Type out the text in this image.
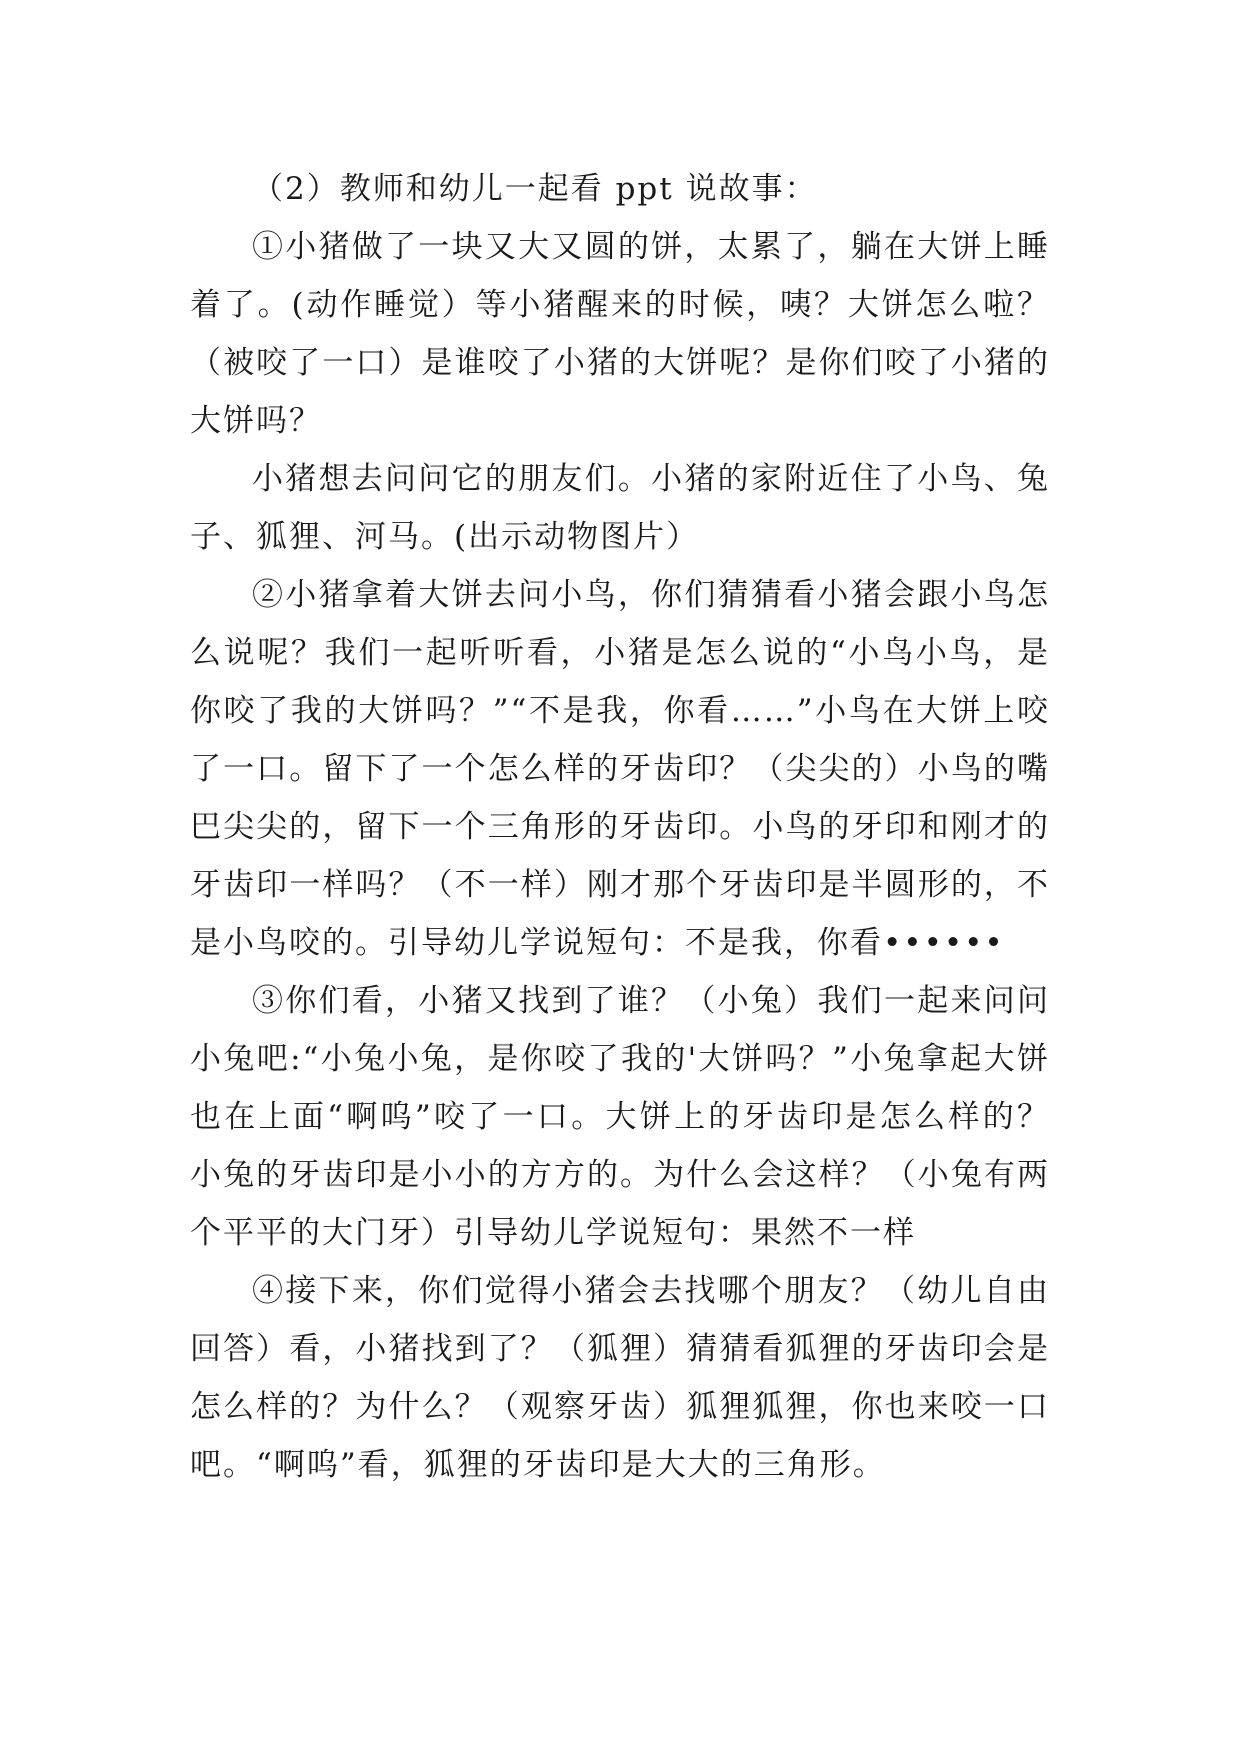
（2）教师和幼儿一起看 ppt 说故事：

①小猪做了一块又大又圆的饼，太累了，躺在大饼上睡着了。(动作睡觉）等小猪醒来的时候，咦？大饼怎么啦？（被咬了一口）是谁咬了小猪的大饼呢？是你们咬了小猪的大饼吗？

小猪想去问问它的朋友们。小猪的家附近住了小鸟、兔子、狐狸、河马。(出示动物图片）

②小猪拿着大饼去问小鸟，你们猜猜看小猪会跟小鸟怎么说呢？我们一起听听看，小猪是怎么说的“小鸟小鸟，是你咬了我的大饼吗？”“不是我，你看……”小鸟在大饼上咬了一口。留下了一个怎么样的牙齿印？（尖尖的）小鸟的嘴巴尖尖的，留下一个三角形的牙齿印。小鸟的牙印和刚才的牙齿印一样吗？（不一样）刚才那个牙齿印是半圆形的，不是小鸟咬的。引导幼儿学说短句：不是我，你看••••••

③你们看，小猪又找到了谁？（小兔）我们一起来问问小兔吧:“小兔小兔，是你咬了我的'大饼吗？”小兔拿起大饼也在上面“啊呜”咬了一口。大饼上的牙齿印是怎么样的？小兔的牙齿印是小小的方方的。为什么会这样？（小兔有两个平平的大门牙）引导幼儿学说短句：果然不一样

④接下来，你们觉得小猪会去找哪个朋友？（幼儿自由回答）看，小猪找到了？（狐狸）猜猜看狐狸的牙齿印会是怎么样的？为什么？（观察牙齿）狐狸狐狸，你也来咬一口吧。“啊呜”看，狐狸的牙齿印是大大的三角形。
